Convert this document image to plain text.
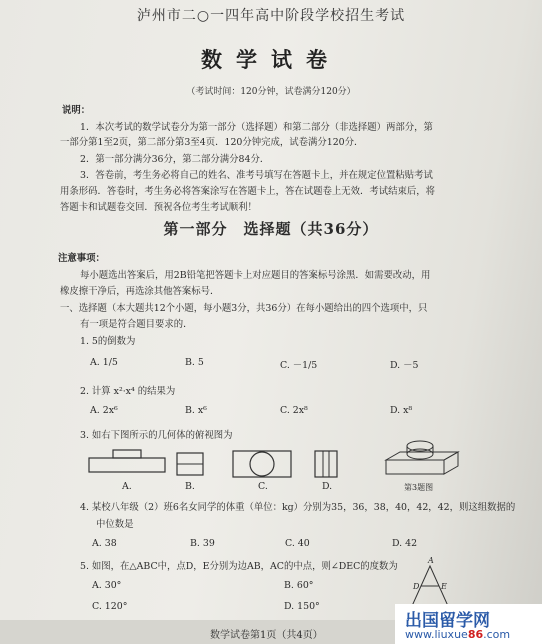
泸州市二○一四年高中阶段学校招生考试
数学试卷
（考试时间：120分钟，试卷满分120分）
说明：
1．本次考试的数学试卷分为第一部分（选择题）和第二部分（非选择题）两部分，第
一部分第1至2页，第二部分第3至4页．120分钟完成，试卷满分120分．
2．第一部分满分36分，第二部分满分84分．
3．答卷前，考生务必将自己的姓名、准考号填写在答题卡上，并在规定位置粘贴考试
用条形码．答卷时，考生务必将答案涂写在答题卡上，答在试题卷上无效．考试结束后，将
答题卡和试题卷交回．预祝各位考生考试顺利！
第一部分　选择题（共36分）
注意事项：
每小题选出答案后，用2B铅笔把答题卡上对应题目的答案标号涂黑．如需要改动，用
橡皮擦干净后，再选涂其他答案标号．
一、选择题（本大题共12个小题，每小题3分，共36分）在每小题给出的四个选项中，只
有一项是符合题目要求的．
1. 5的倒数为
A. 1/5	B. 5	C. －1/5	D. －5
2. 计算 x²·x⁴ 的结果为
A. 2x⁶	B. x⁶	C. 2x⁸	D. x⁸
3. 如右下图所示的几何体的俯视图为
A.	B.	C.	D.	第3题图
4. 某校八年级（2）班6名女同学的体重（单位：kg）分别为35，36，38，40，42，42，则这组数据的
中位数是
A. 38	B. 39	C. 40	D. 42
5. 如图，在△ABC中，点D，E分别为边AB，AC的中点，则∠DEC的度数为
A. 30°	B. 60°
C. 120°	D. 150°
A
D	E
数学试卷第1页（共4页）
出国留学网
www.liuxue86.com
